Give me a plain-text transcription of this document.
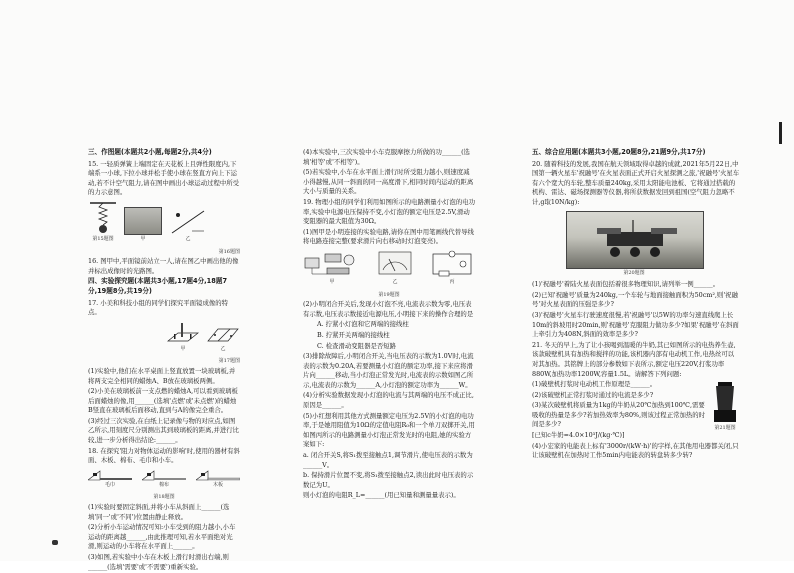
三、作图题(本题共2小题,每题2分,共4分)

15. 一轻质弹簧上端固定在天花板上且弹性限度内,下端系一小球,下拉小球并松手使小球在竖直方向上下运动,若不计空气阻力,请在图中画出小球运动过程中所受的力示意图。

第15题图	甲	乙
第16题图

16. 图甲中,平面镜前站立一人,请在图乙中画出他的像并标出成像时的光路图。

四、实验探究题(本题共3小题,17题4分,18题7分,19题8分,共19分)

17. 小美和科技小组的同学们探究平面镜成像的特点。

甲	乙
第17题图

(1)实验中,他们在水平桌面上竖直放置一块玻璃板,并将两支完全相同的蜡烛A、B放在玻璃板两侧。

(2)小美在玻璃板前一支点燃的蜡烛A,可以看到玻璃板后面蜡烛的像,用______(选填'点燃'或'未点燃')的蜡烛B竖直在玻璃板后面移动,直到与A的像完全重合。

(3)经过三次实验,在白纸上记录像与物的对应点,如图乙所示,用刻度尺分别测出其到玻璃板的距离,并进行比较,进一步分析得出结论:______。

18. 在探究'阻力对物体运动的影响'时,使用的器材有斜面、木板、棉布、毛巾和小车。

毛巾	棉布	木板
第18题图

(1)实验时要固定斜面,并将小车从斜面上______(选填'同一'或'不同')位置由静止释放。

(2)分析小车运动情况可知:小车受到的阻力越小,小车运动的距离越______,由此推理可知,若水平面绝对光滑,则运动的小车将在水平面上______。

(3)如图,若实验中小车在木板上滑行时滑出右端,则______(选填'需要'或'不需要')重新实验。

(4)本实验中,三次实验中小车克服摩擦力所做的功______(选填'相等'或'不相等')。

(5)若实验中,小车在水平面上滑行时所受阻力越小,则速度减小得越慢,从同一斜面的同一高度滑下,相同时间内运动的距离大小与质量的关系。

19. 物理小组的同学们利用如图所示的电路测量小灯泡的电功率,实验中电源电压保持不变,小灯泡的额定电压是2.5V,滑动变阻器的最大阻值为30Ω。

(1)图甲是小明连接的实验电路,请你在图中用笔画线代替导线将电路连接完整(要求滑片向右移动时灯泡变亮)。

甲	乙	丙
第19题图

(2)小明闭合开关后,发现小灯泡不亮,电流表示数为零,电压表有示数,电压表示数接近电源电压,小明接下来的操作合理的是

A. 拧紧小灯泡和它两端的接线柱

B. 拧紧开关两端的接线柱

C. 检查滑动变阻器是否短路

(3)排除故障后,小明闭合开关,当电压表的示数为1.0V时,电流表的示数为0.20A,若要测量小灯泡的额定功率,接下来应将滑片向______移动,当小灯泡正常发光时,电流表的示数如图乙所示,电流表的示数为______A,小灯泡的额定功率为______W。

(4)分析实验数据发现小灯泡的电流与其两端的电压不成正比,原因是______。

(5)小红想利用其他方式测量额定电压为2.5V的小灯泡的电功率,于是她用阻值为10Ω的定值电阻R₀和一个单刀双掷开关,用如图丙所示的电路测量小灯泡正常发光时的电阻,她的实验方案如下:

a. 闭合开关S,将S₁拨至接触点1,调节滑片,使电压表的示数为______V。

b. 保持滑片位置不变,将S₁拨至接触点2,读出此时电压表的示数记为U。

则小灯泡的电阻R_L=______(用已知量和测量量表示)。

五、综合应用题(本题共3小题,20题8分,21题9分,共17分)

20. 随着科技的发展,我国在航天领域取得卓越的成就,2021年5月22日,中国第一辆火星车'祝融号'在火星表面正式开启火星探测之旅,'祝融号'火星车有六个宽大的车轮,整车质量240kg,采用太阳能电池板、它将通过搭载的机构、雷达、磁场探测器等仪器,将所获数据发回到祖国(空气阻力忽略不计,g取10N/kg):

第20题图

(1)'祝融号'着陆火星表面包括着很多物理知识,请列举一例______。

(2)已知'祝融号'质量为240kg,一个车轮与地面接触面积为50cm²,则'祝融号'对火星表面的压强是多少?

(3)'祝融号'火星车行驶速度很慢,若'祝融号'以5W的功率匀速直线爬上长10m的斜坡用时20min,则'祝融号'克服阻力做功多少?如果'祝融号'在斜面上牵引力为408N,斜面的效率是多少?

21. 冬天的早上,为了让小孩喝到温暖的牛奶,其已如图所示的电热养生壶,该款破壁机具有加热和搅拌的功能,该机器内部有电动机工作,电热丝可以对其加热。其铭牌上的部分参数如下表所示,额定电压220V,打浆功率880W,加热功率1200W,容量1.5L。请解答下列问题:

(1)破壁机打浆时电动机工作原理是______。

(2)该破壁机正常打浆时通过的电流是多少?

(3)某次破壁机将质量为1kg的牛奶从20℃加热到100℃,需要吸收的热量是多少?若加热效率为80%,则该过程正常加热的时间是多少?

[已知c牛奶=4.0×10³J/(kg·℃)]

第21题图

(4)小宏家的电能表上标有'3000r/(kW·h)'的字样,在其他用电器都关闭,只让该破壁机在加热时工作5min内电能表的转盘转多少转?
